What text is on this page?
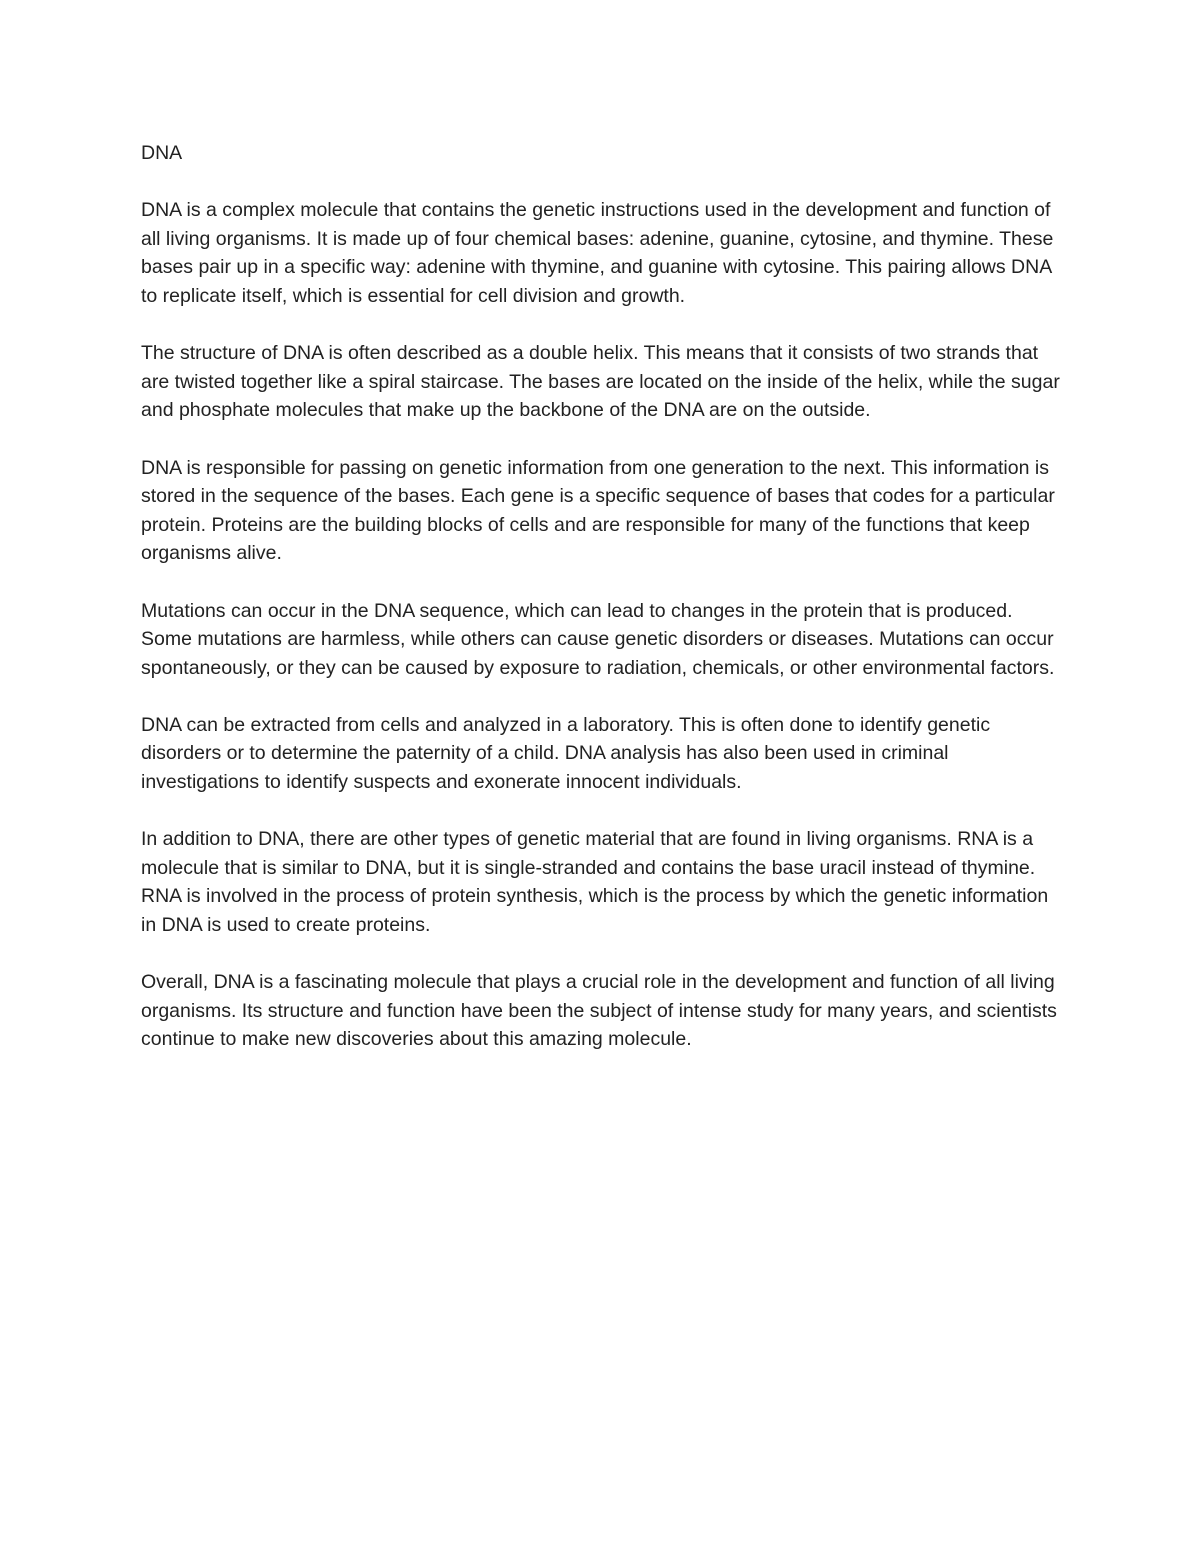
DNA

DNA is a complex molecule that contains the genetic instructions used in the development and function of all living organisms. It is made up of four chemical bases: adenine, guanine, cytosine, and thymine. These bases pair up in a specific way: adenine with thymine, and guanine with cytosine. This pairing allows DNA to replicate itself, which is essential for cell division and growth.

The structure of DNA is often described as a double helix. This means that it consists of two strands that are twisted together like a spiral staircase. The bases are located on the inside of the helix, while the sugar and phosphate molecules that make up the backbone of the DNA are on the outside.

DNA is responsible for passing on genetic information from one generation to the next. This information is stored in the sequence of the bases. Each gene is a specific sequence of bases that codes for a particular protein. Proteins are the building blocks of cells and are responsible for many of the functions that keep organisms alive.

Mutations can occur in the DNA sequence, which can lead to changes in the protein that is produced. Some mutations are harmless, while others can cause genetic disorders or diseases. Mutations can occur spontaneously, or they can be caused by exposure to radiation, chemicals, or other environmental factors.

DNA can be extracted from cells and analyzed in a laboratory. This is often done to identify genetic disorders or to determine the paternity of a child. DNA analysis has also been used in criminal investigations to identify suspects and exonerate innocent individuals.

In addition to DNA, there are other types of genetic material that are found in living organisms. RNA is a molecule that is similar to DNA, but it is single-stranded and contains the base uracil instead of thymine. RNA is involved in the process of protein synthesis, which is the process by which the genetic information in DNA is used to create proteins.

Overall, DNA is a fascinating molecule that plays a crucial role in the development and function of all living organisms. Its structure and function have been the subject of intense study for many years, and scientists continue to make new discoveries about this amazing molecule.
